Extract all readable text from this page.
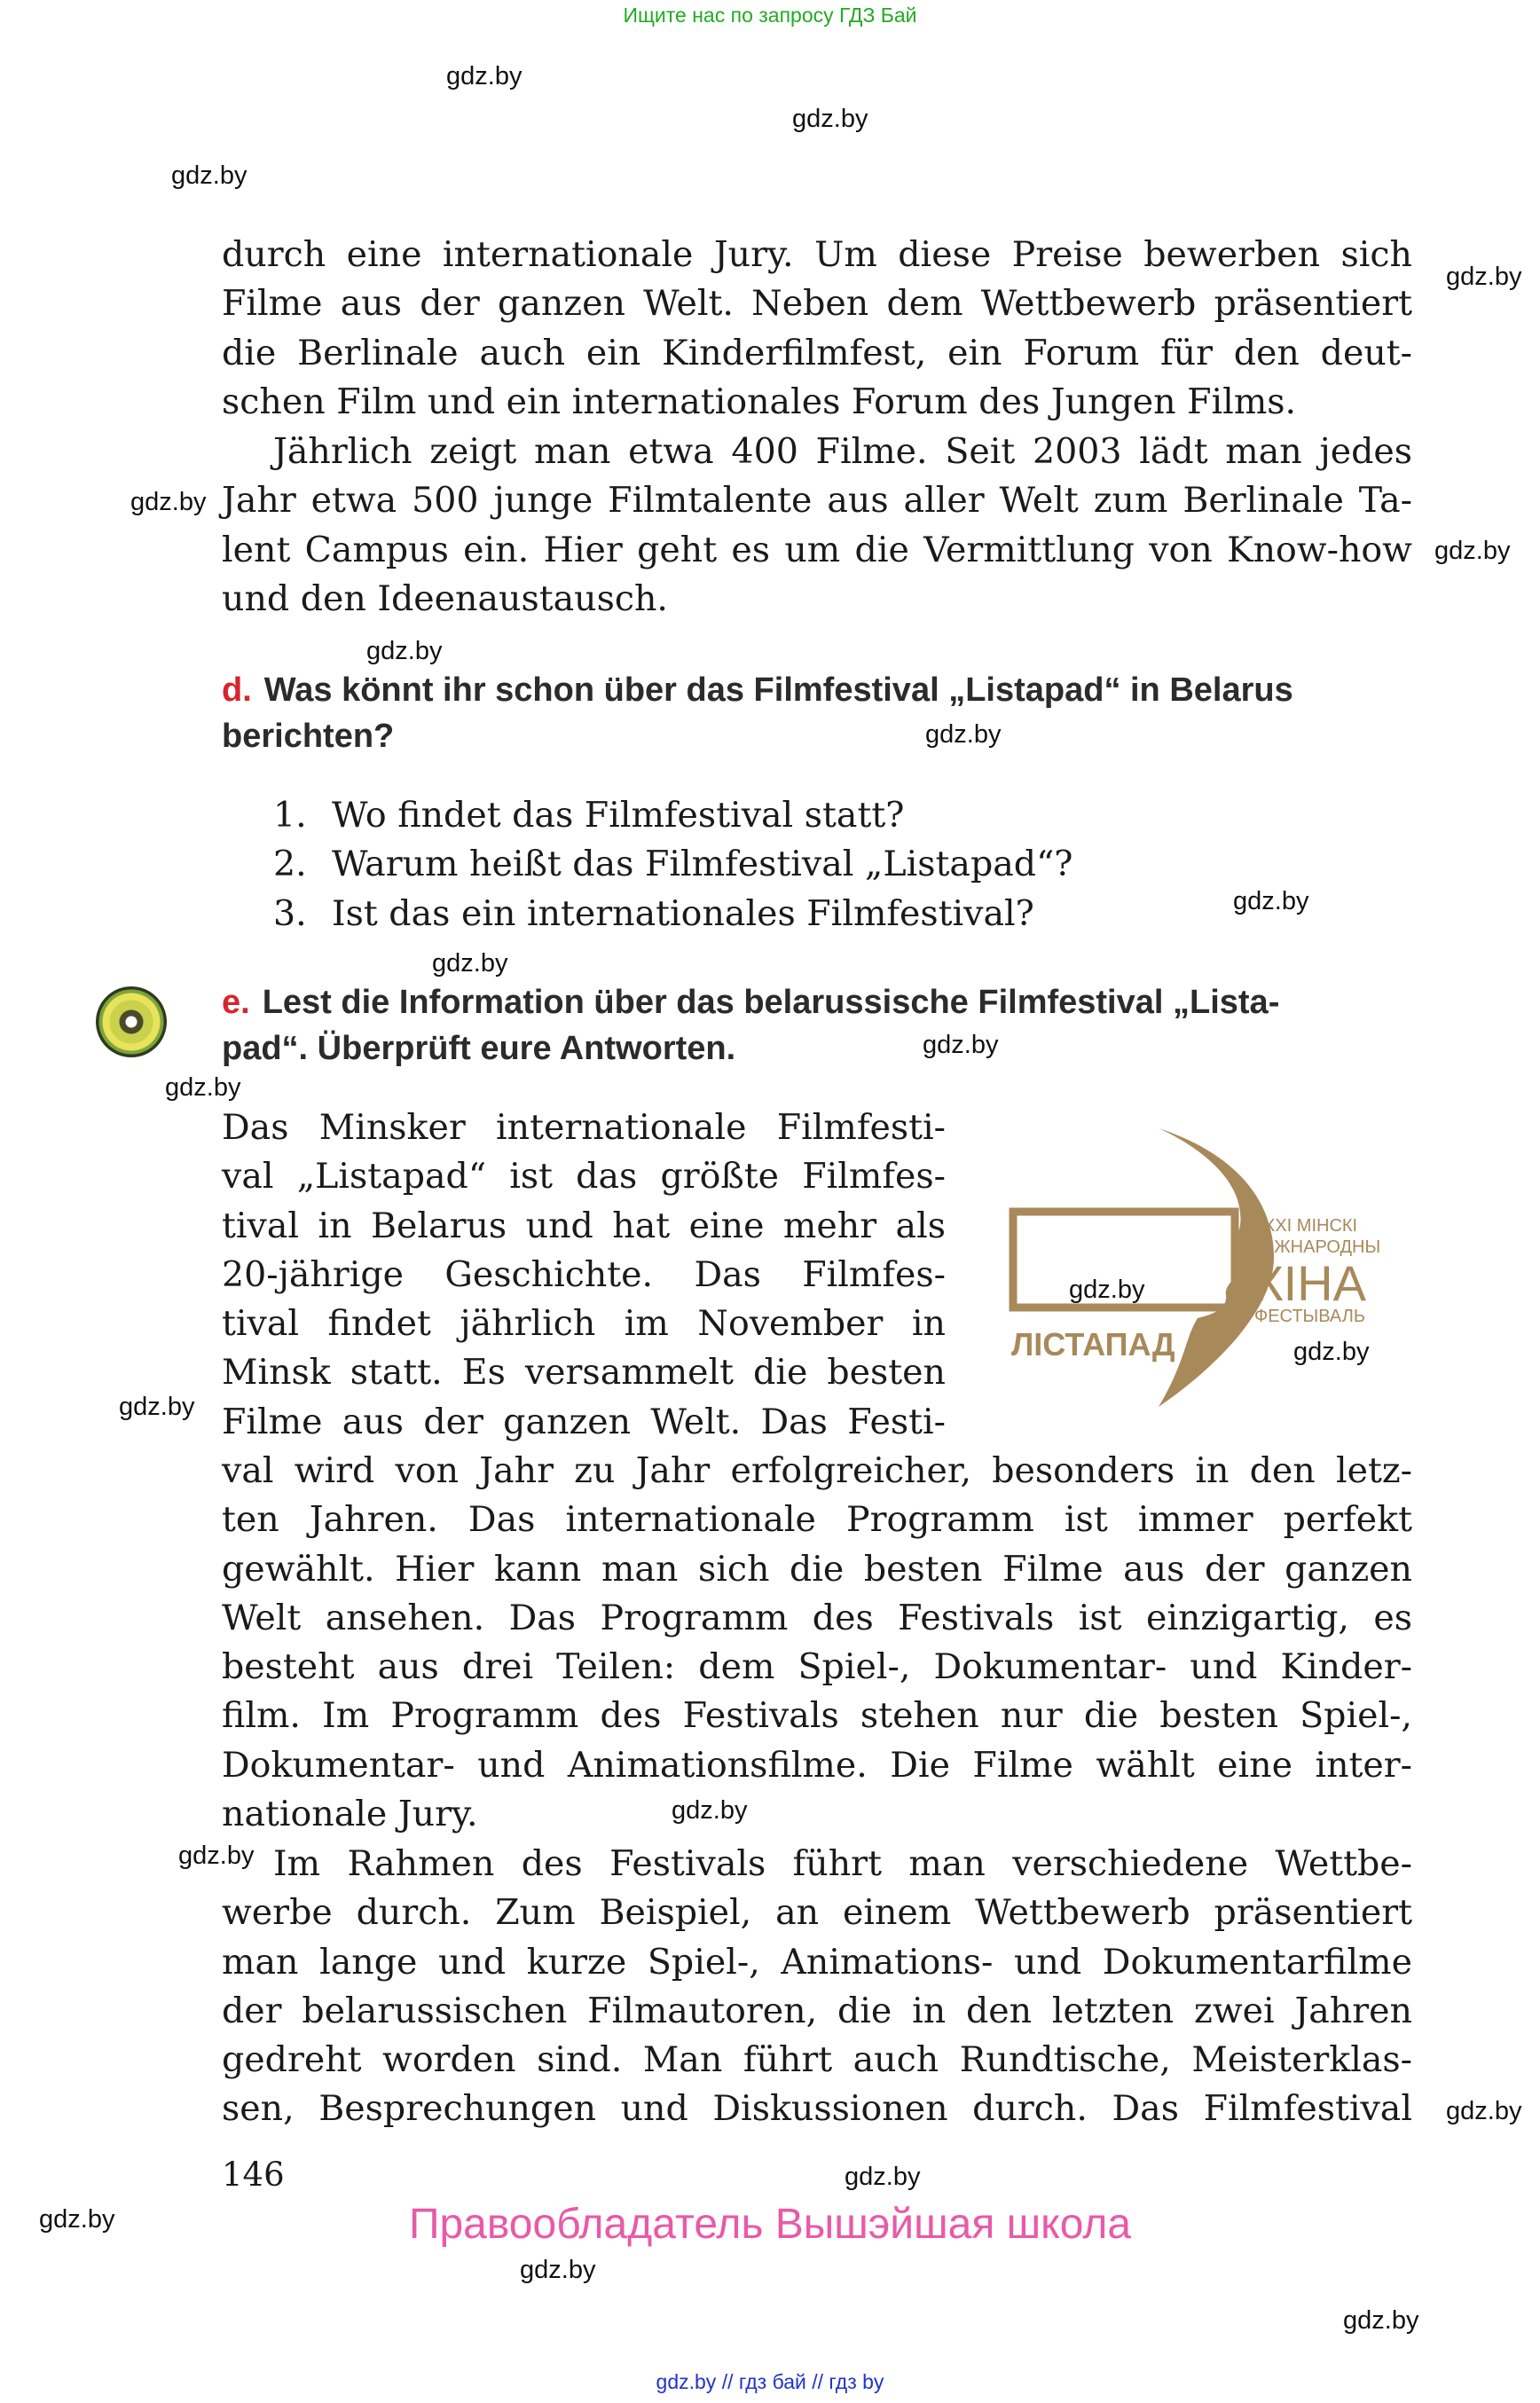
Ищите нас по запросу ГДЗ Бай
gdz.by
gdz.by
gdz.by
gdz.by
gdz.by
gdz.by
gdz.by
gdz.by
gdz.by
gdz.by
gdz.by
gdz.by
gdz.by
gdz.by
gdz.by
gdz.by
gdz.by
gdz.by
gdz.by
gdz.by
gdz.by
gdz.by
durch eine internationale Jury. Um diese Preise bewerben sich
Filme aus der ganzen Welt. Neben dem Wettbewerb präsentiert
die Berlinale auch ein Kinderfilmfest, ein Forum für den deut-
schen Film und ein internationales Forum des Jungen Films.
Jährlich zeigt man etwa 400 Filme. Seit 2003 lädt man jedes
Jahr etwa 500 junge Filmtalente aus aller Welt zum Berlinale Ta-
lent Campus ein. Hier geht es um die Vermittlung von Know-how
und den Ideenaustausch.
d. Was könnt ihr schon über das Filmfestival „Listapad“ in Belarus
berichten?
1. Wo findet das Filmfestival statt?
2. Warum heißt das Filmfestival „Listapad“?
3. Ist das ein internationales Filmfestival?
e. Lest die Information über das belarussische Filmfestival „Lista-
pad“. Überprüft eure Antworten.
Das Minsker internationale Filmfesti-
val „Listapad“ ist das größte Filmfes-
tival in Belarus und hat eine mehr als
20-jährige Geschichte. Das Filmfes-
tival findet jährlich im November in
Minsk statt. Es versammelt die besten
Filme aus der ganzen Welt. Das Festi-
XXI МІНСКІ
МІЖНАРОДНЫ
КІНА
ФЕСТЫВАЛЬ
ЛІСТАПАД
val wird von Jahr zu Jahr erfolgreicher, besonders in den letz-
ten Jahren. Das internationale Programm ist immer perfekt
gewählt. Hier kann man sich die besten Filme aus der ganzen
Welt ansehen. Das Programm des Festivals ist einzigartig, es
besteht aus drei Teilen: dem Spiel-, Dokumentar- und Kinder-
film. Im Programm des Festivals stehen nur die besten Spiel-,
Dokumentar- und Animationsfilme. Die Filme wählt eine inter-
nationale Jury.
Im Rahmen des Festivals führt man verschiedene Wettbe-
werbe durch. Zum Beispiel, an einem Wettbewerb präsentiert
man lange und kurze Spiel-, Animations- und Dokumentarfilme
der belarussischen Filmautoren, die in den letzten zwei Jahren
gedreht worden sind. Man führt auch Rundtische, Meisterklas-
sen, Besprechungen und Diskussionen durch. Das Filmfestival
146
Правообладатель Вышэйшая школа
gdz.by // гдз бай // гдз by
